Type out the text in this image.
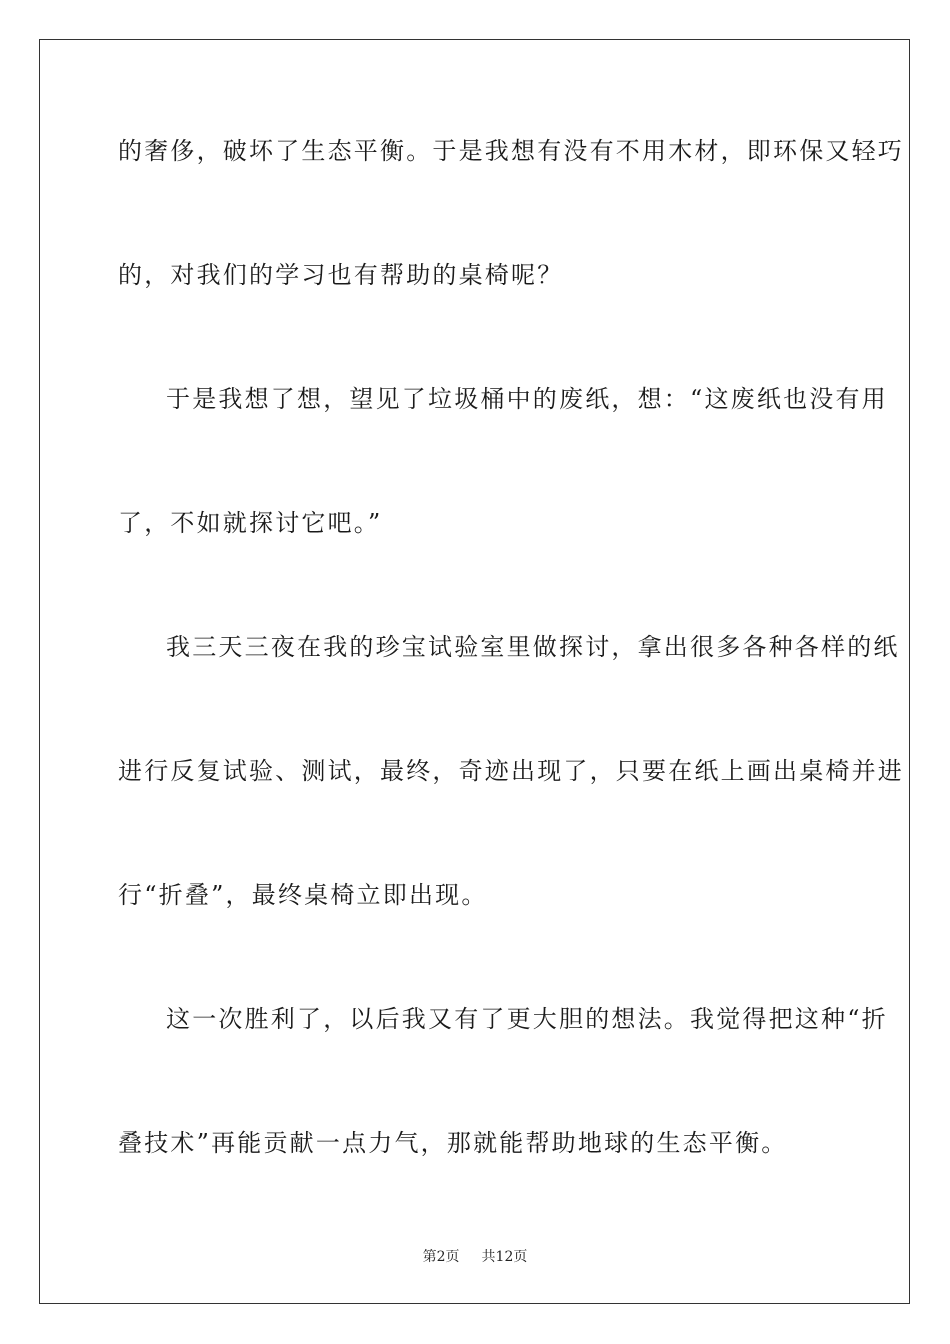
的奢侈，破坏了生态平衡。于是我想有没有不用木材，即环保又轻巧
的，对我们的学习也有帮助的桌椅呢？
于是我想了想，望见了垃圾桶中的废纸，想：“这废纸也没有用
了，不如就探讨它吧。”
我三天三夜在我的珍宝试验室里做探讨，拿出很多各种各样的纸
进行反复试验、测试，最终，奇迹出现了，只要在纸上画出桌椅并进
行“折叠”，最终桌椅立即出现。
这一次胜利了，以后我又有了更大胆的想法。我觉得把这种“折
叠技术”再能贡献一点力气，那就能帮助地球的生态平衡。
第2页 共12页
